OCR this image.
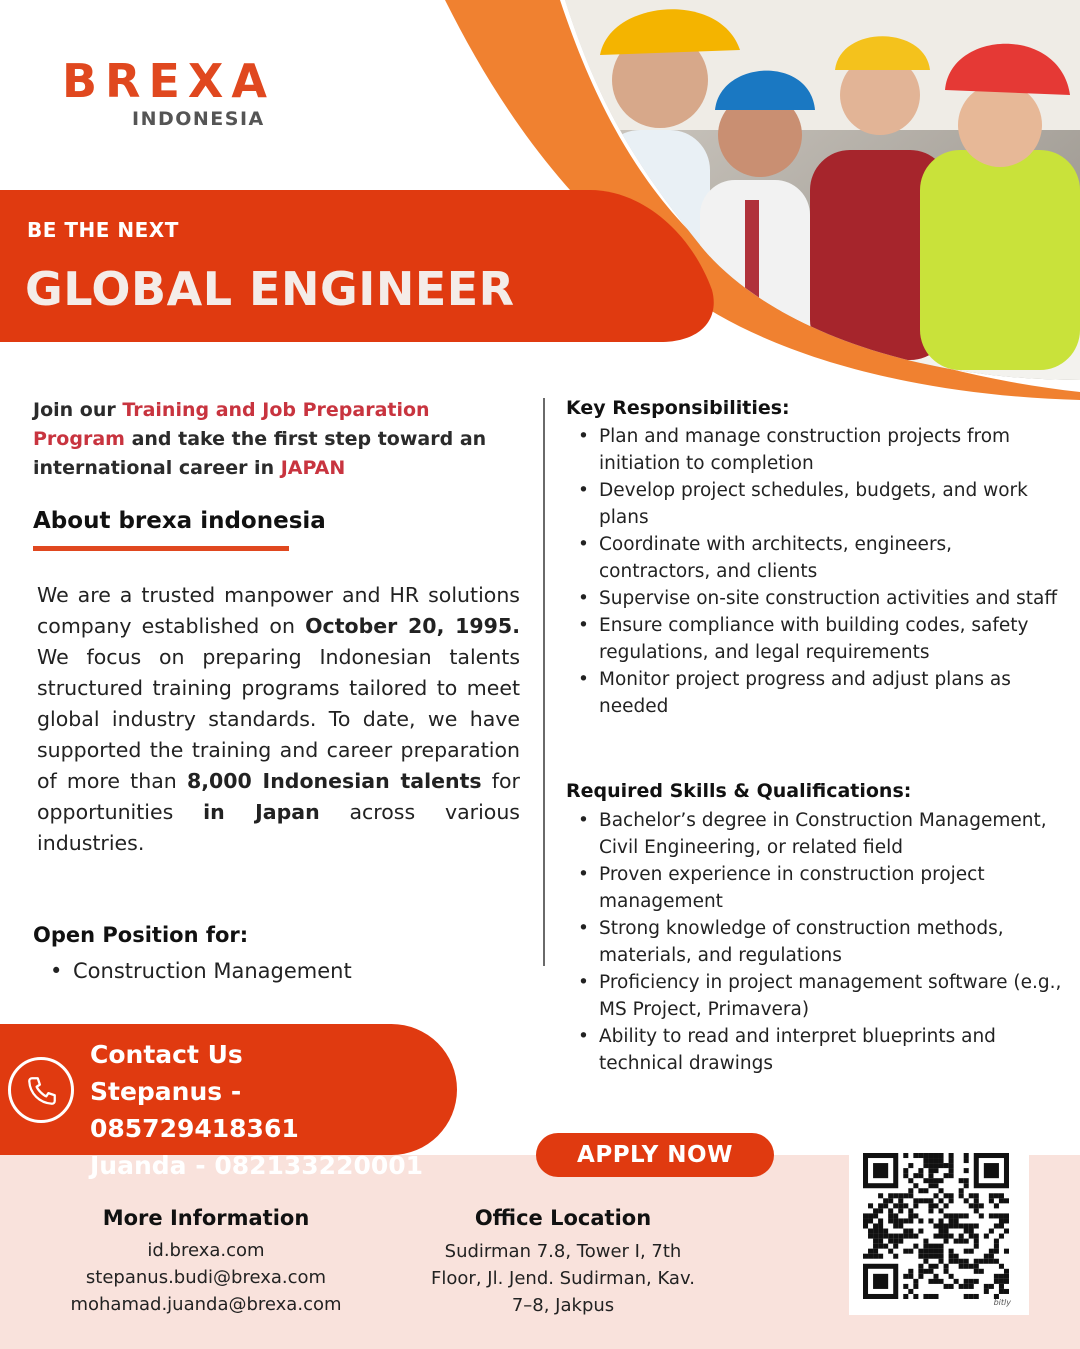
BREXA
INDONESIA
BE THE NEXT
GLOBAL ENGINEER

Join our Training and Job Preparation Program and take the first step toward an international career in JAPAN

About brexa indonesia

We are a trusted manpower and HR solutions company established on October 20, 1995. We focus on preparing Indonesian talents structured training programs tailored to meet global industry standards. To date, we have supported the training and career preparation of more than 8,000 Indonesian talents for opportunities in Japan across various industries.

Open Position for:
• Construction Management
Key Responsibilities:
• Plan and manage construction projects from initiation to completion
• Develop project schedules, budgets, and work plans
• Coordinate with architects, engineers, contractors, and clients
• Supervise on-site construction activities and staff
• Ensure compliance with building codes, safety regulations, and legal requirements
• Monitor project progress and adjust plans as needed
Required Skills & Qualifications:
• Bachelor’s degree in Construction Management, Civil Engineering, or related field
• Proven experience in construction project management
• Strong knowledge of construction methods, materials, and regulations
• Proficiency in project management software (e.g., MS Project, Primavera)
• Ability to read and interpret blueprints and technical drawings
Contact Us
Stepanus - 085729418361
Juanda - 082133220001	APPLY NOW
More Information
id.brexa.com
stepanus.budi@brexa.com
mohamad.juanda@brexa.com
Office Location
Sudirman 7.8, Tower I, 7th
Floor, Jl. Jend. Sudirman, Kav.
7–8, Jakpus	bitly
